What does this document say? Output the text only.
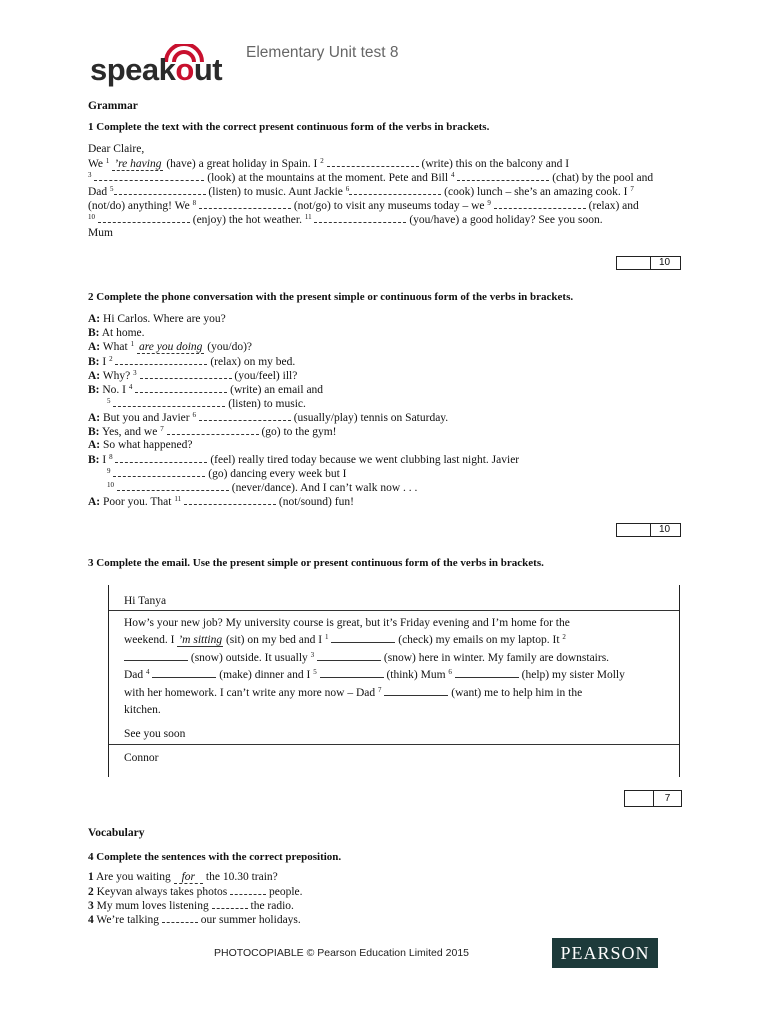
speakout Elementary Unit test 8
Grammar
1 Complete the text with the correct present continuous form of the verbs in brackets.
Dear Claire,
We $^1$ ’re having (have) a great holiday in Spain. I $^2$	(write) this on the balcony and I
$^3$	(look) at the mountains at the moment. Pete and Bill $^4$	(chat) by the pool and
Dad $^5$	(listen) to music. Aunt Jackie $^6$	(cook) lunch – she’s an amazing cook. I $^7$
(not/do) anything! We $^8$	(not/go) to visit any museums today – we $^9$	(relax) and
$^{10}$	(enjoy) the hot weather. $^{11}$	(you/have) a good holiday? See you soon.
Mum
10
2 Complete the phone conversation with the present simple or continuous form of the verbs in brackets.
A: Hi Carlos. Where are you?
B: At home.
A: What $^1$ are you doing (you/do)?
B: I $^2$	(relax) on my bed.
A: Why? $^3$	(you/feel) ill?
B: No. I $^4$	(write) an email and
$^5$	(listen) to music.
A: But you and Javier $^6$	(usually/play) tennis on Saturday.
B: Yes, and we $^7$	(go) to the gym!
A: So what happened?
B: I $^8$	(feel) really tired today because we went clubbing last night. Javier
$^9$	(go) dancing every week but I
$^{10}$	(never/dance). And I can’t walk now . . .
A: Poor you. That $^{11}$	(not/sound) fun!
10
3 Complete the email. Use the present simple or present continuous form of the verbs in brackets.
Hi Tanya
How’s your new job? My university course is great, but it’s Friday evening and I’m home for the
weekend. I ’m sitting (sit) on my bed and I $^1$	(check) my emails on my laptop. It $^2$
(snow) outside. It usually $^3$	(snow) here in winter. My family are downstairs.
Dad $^4$	(make) dinner and I $^5$	(think) Mum $^6$	(help) my sister Molly
with her homework. I can’t write any more now – Dad $^7$	(want) me to help him in the
kitchen.
See you soon
Connor
7
Vocabulary
4 Complete the sentences with the correct preposition.
1 Are you waiting for the 10.30 train?
2 Keyvan always takes photos	people.
3 My mum loves listening	the radio.
4 We’re talking	our summer holidays.
PHOTOCOPIABLE © Pearson Education Limited 2015	PEARSON
